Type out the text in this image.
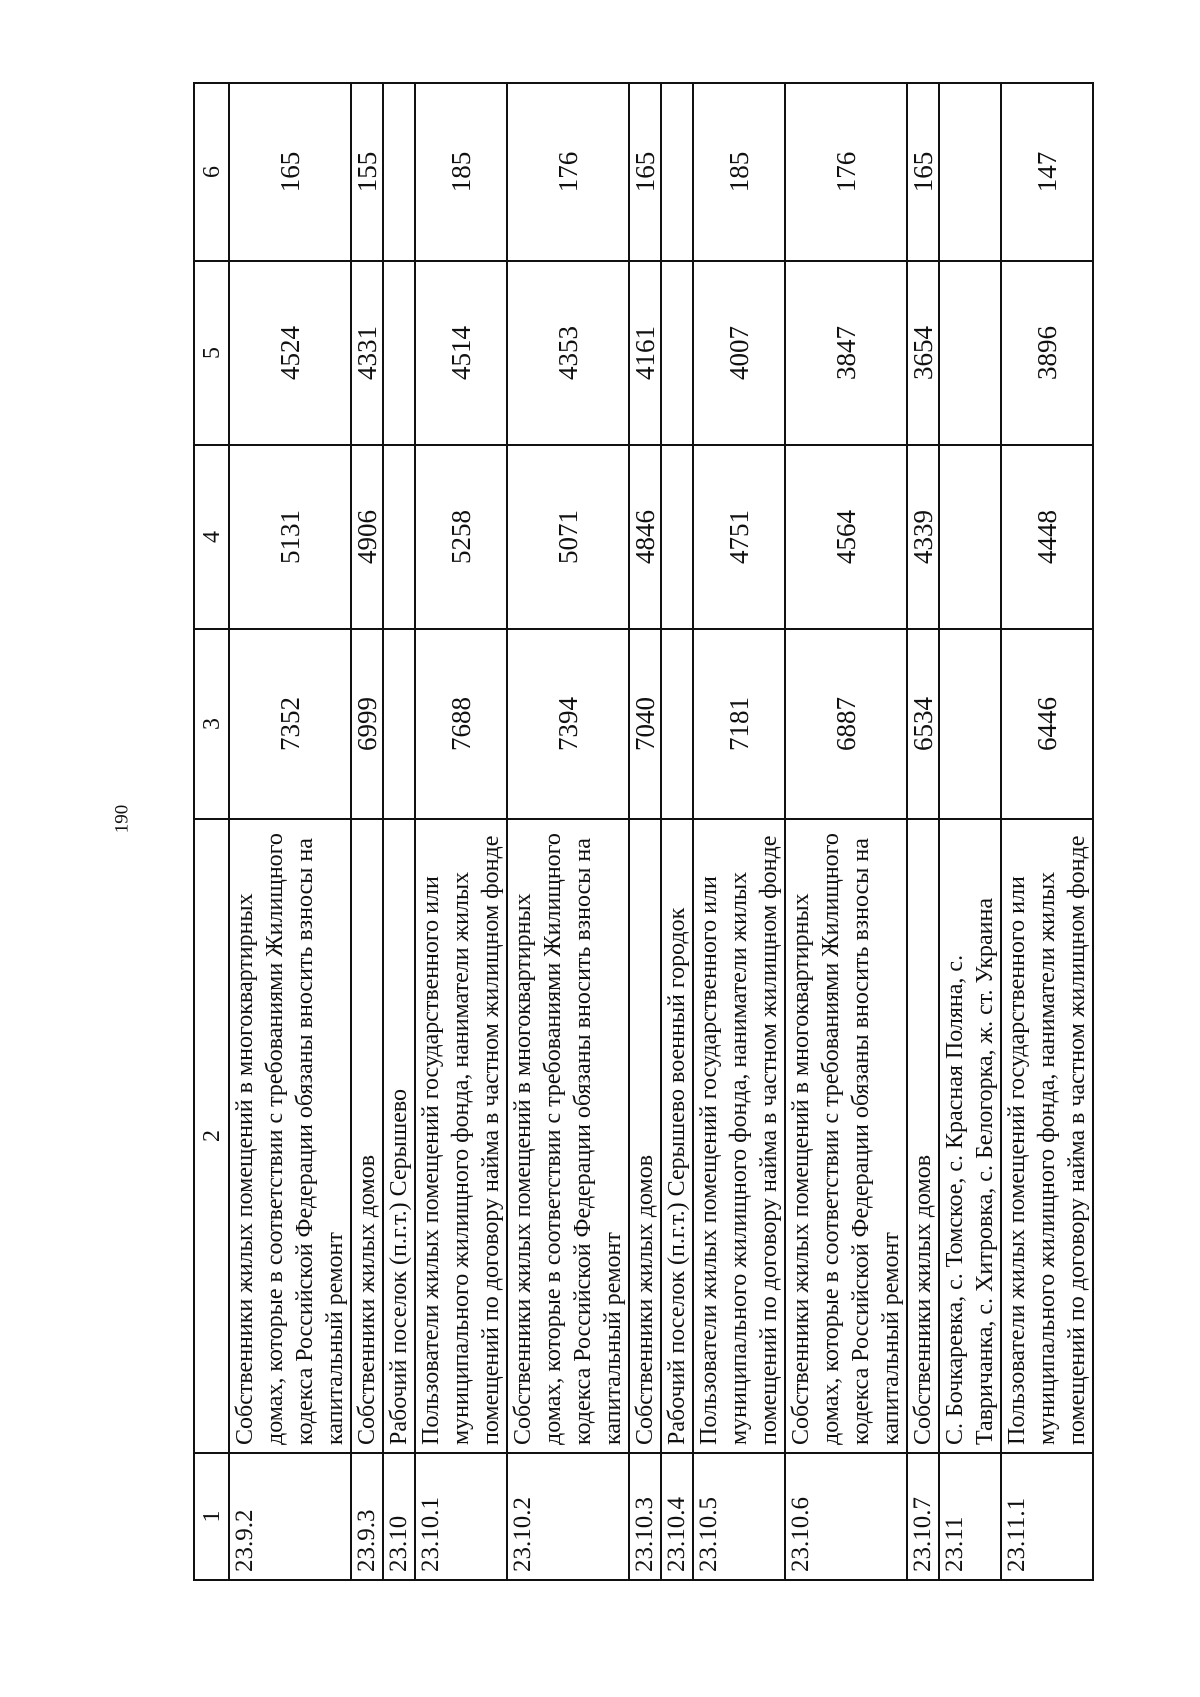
190
1	2	3	4	5	6
23.9.2	Собственники жилых помещений в многоквартирных домах, которые в соответствии с требованиями Жилищного кодекса Российской Федерации обязаны вносить взносы на капитальный ремонт	7352	5131	4524	165
23.9.3	Собственники жилых домов	6999	4906	4331	155
23.10	Рабочий поселок (п.г.т.) Серышево				
23.10.1	Пользователи жилых помещений государственного или муниципального жилищного фонда, наниматели жилых помещений по договору найма в частном жилищном фонде	7688	5258	4514	185
23.10.2	Собственники жилых помещений в многоквартирных домах, которые в соответствии с требованиями Жилищного кодекса Российской Федерации обязаны вносить взносы на капитальный ремонт	7394	5071	4353	176
23.10.3	Собственники жилых домов	7040	4846	4161	165
23.10.4	Рабочий поселок (п.г.т.) Серышево военный городок				
23.10.5	Пользователи жилых помещений государственного или муниципального жилищного фонда, наниматели жилых помещений по договору найма в частном жилищном фонде	7181	4751	4007	185
23.10.6	Собственники жилых помещений в многоквартирных домах, которые в соответствии с требованиями Жилищного кодекса Российской Федерации обязаны вносить взносы на капитальный ремонт	6887	4564	3847	176
23.10.7	Собственники жилых домов	6534	4339	3654	165
23.11	С. Бочкаревка, с. Томское, с. Красная Поляна, с. Тавричанка, с. Хитровка, с. Белогорка, ж. ст. Украина				
23.11.1	Пользователи жилых помещений государственного или муниципального жилищного фонда, наниматели жилых помещений по договору найма в частном жилищном фонде	6446	4448	3896	147
